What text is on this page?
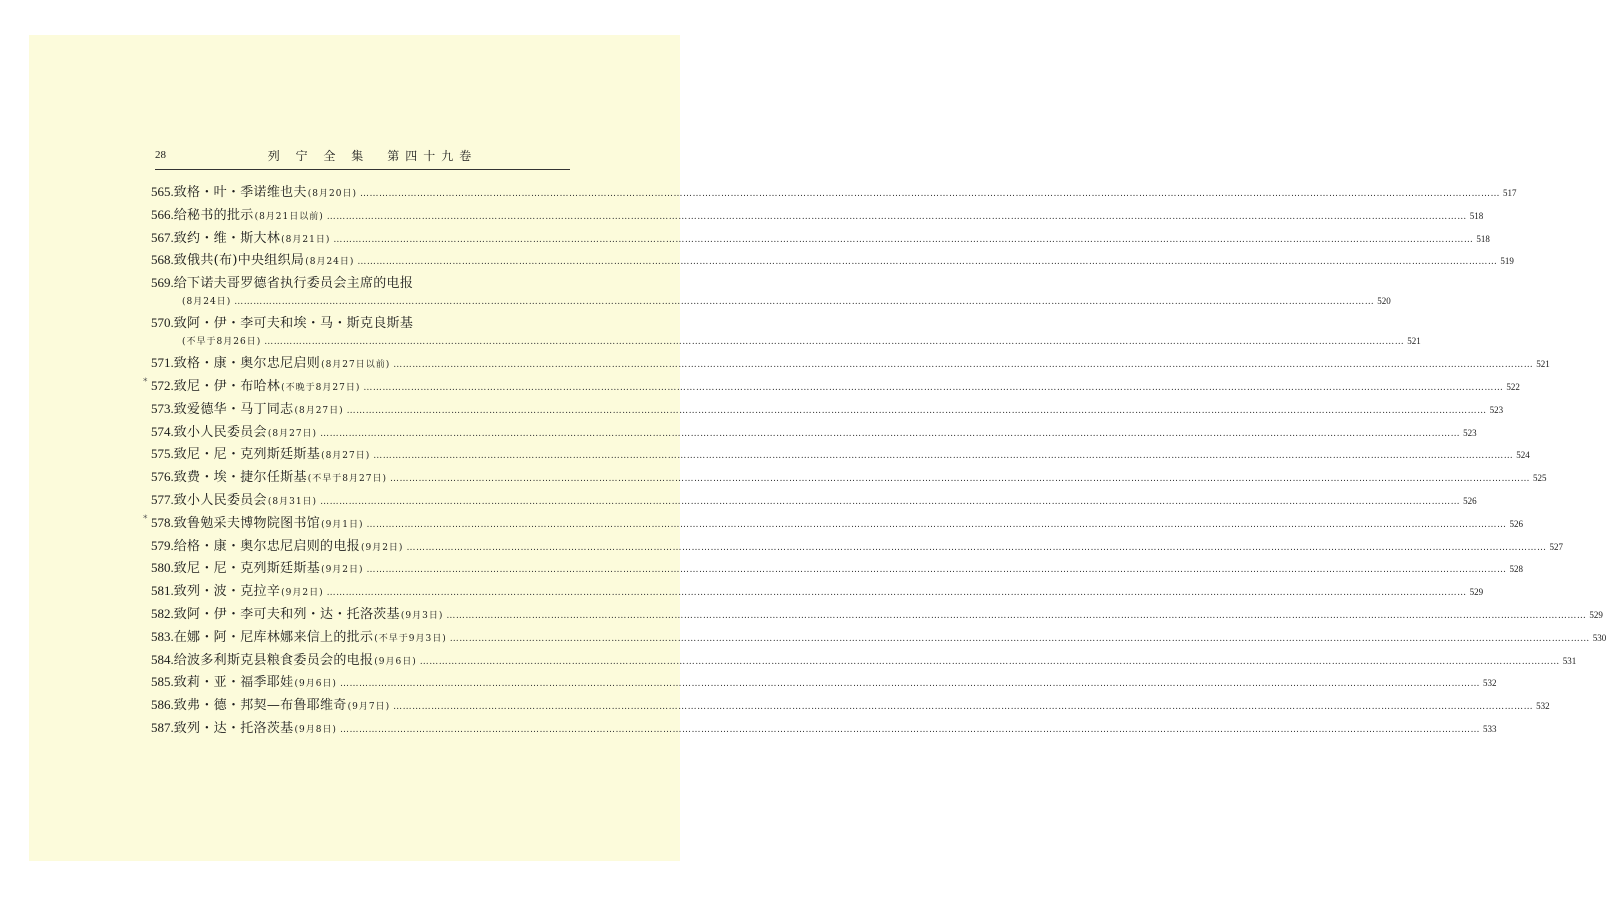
28	列 宁 全 集　第四十九卷
565. 致格・叶・季诺维也夫 (8月20日) ……………………………………………………………………………………………………………………………………………………………………………………………………………………………………………………………………………………………………………………………… 517
566. 给秘书的批示 (8月21日以前) ……………………………………………………………………………………………………………………………………………………………………………………………………………………………………………………………………………………………………………………………… 518
567. 致约・维・斯大林 (8月21日) ……………………………………………………………………………………………………………………………………………………………………………………………………………………………………………………………………………………………………………………………… 518
568. 致俄共(布)中央组织局 (8月24日) ……………………………………………………………………………………………………………………………………………………………………………………………………………………………………………………………………………………………………………………………… 519
569. 给下诺夫哥罗德省执行委员会主席的电报
(8月24日) ……………………………………………………………………………………………………………………………………………………………………………………………………………………………………………………………………………………………………………………………… 520
570. 致阿・伊・李可夫和埃・马・斯克良斯基
(不早于8月26日) ……………………………………………………………………………………………………………………………………………………………………………………………………………………………………………………………………………………………………………………………… 521
571. 致格・康・奥尔忠尼启则 (8月27日以前) ……………………………………………………………………………………………………………………………………………………………………………………………………………………………………………………………………………………………………………………………… 521
* 572. 致尼・伊・布哈林 (不晚于8月27日) ……………………………………………………………………………………………………………………………………………………………………………………………………………………………………………………………………………………………………………………………… 522
573. 致爱德华・马丁同志 (8月27日) ……………………………………………………………………………………………………………………………………………………………………………………………………………………………………………………………………………………………………………………………… 523
574. 致小人民委员会 (8月27日) ……………………………………………………………………………………………………………………………………………………………………………………………………………………………………………………………………………………………………………………………… 523
575. 致尼・尼・克列斯廷斯基 (8月27日) ……………………………………………………………………………………………………………………………………………………………………………………………………………………………………………………………………………………………………………………………… 524
576. 致费・埃・捷尔任斯基 (不早于8月27日) ……………………………………………………………………………………………………………………………………………………………………………………………………………………………………………………………………………………………………………………………… 525
577. 致小人民委员会 (8月31日) ……………………………………………………………………………………………………………………………………………………………………………………………………………………………………………………………………………………………………………………………… 526
* 578. 致鲁勉采夫博物院图书馆 (9月1日) ……………………………………………………………………………………………………………………………………………………………………………………………………………………………………………………………………………………………………………………………… 526
579. 给格・康・奥尔忠尼启则的电报 (9月2日) ……………………………………………………………………………………………………………………………………………………………………………………………………………………………………………………………………………………………………………………………… 527
580. 致尼・尼・克列斯廷斯基 (9月2日) ……………………………………………………………………………………………………………………………………………………………………………………………………………………………………………………………………………………………………………………………… 528
581. 致列・波・克拉辛 (9月2日) ……………………………………………………………………………………………………………………………………………………………………………………………………………………………………………………………………………………………………………………………… 529
582. 致阿・伊・李可夫和列・达・托洛茨基 (9月3日) ……………………………………………………………………………………………………………………………………………………………………………………………………………………………………………………………………………………………………………………………… 529
583. 在娜・阿・尼库林娜来信上的批示 (不早于9月3日) ……………………………………………………………………………………………………………………………………………………………………………………………………………………………………………………………………………………………………………………………… 530
584. 给波多利斯克县粮食委员会的电报 (9月6日) ……………………………………………………………………………………………………………………………………………………………………………………………………………………………………………………………………………………………………………………………… 531
585. 致莉・亚・福季耶娃 (9月6日) ……………………………………………………………………………………………………………………………………………………………………………………………………………………………………………………………………………………………………………………………… 532
586. 致弗・德・邦契—布鲁耶维奇 (9月7日) ……………………………………………………………………………………………………………………………………………………………………………………………………………………………………………………………………………………………………………………………… 532
587. 致列・达・托洛茨基 (9月8日) ……………………………………………………………………………………………………………………………………………………………………………………………………………………………………………………………………………………………………………………………… 533
